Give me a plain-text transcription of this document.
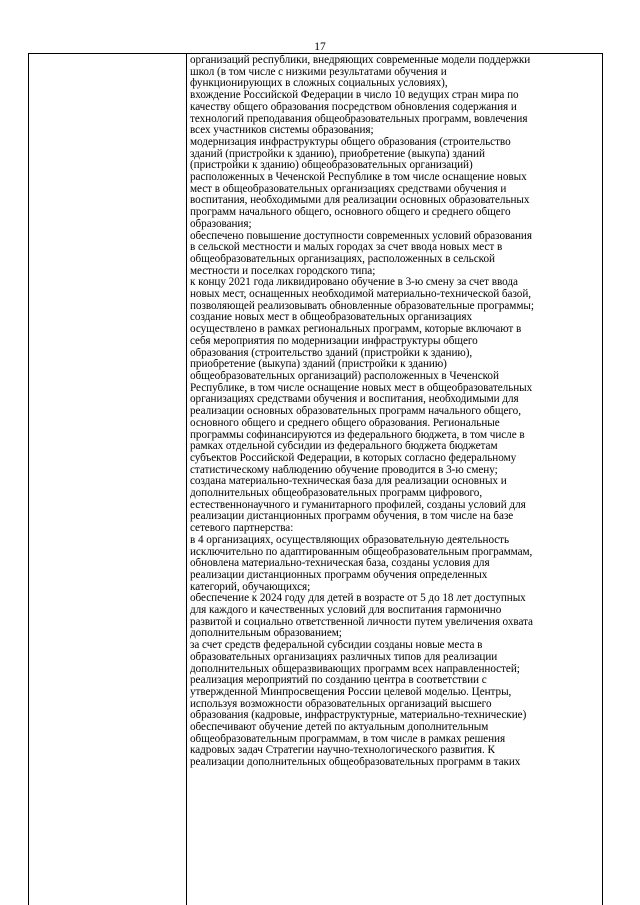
17
организаций республики, внедряющих современные модели поддержки
школ (в том числе с низкими результатами обучения и
функционирующих в сложных социальных условиях),
вхождение Российской Федерации в число 10 ведущих стран мира по
качеству общего образования посредством обновления содержания и
технологий преподавания общеобразовательных программ, вовлечения
всех участников системы образования;
модернизация инфраструктуры общего образования (строительство
зданий (пристройки к зданию), приобретение (выкупа) зданий
(пристройки к зданию) общеобразовательных организаций)
расположенных в Чеченской Республике в том числе оснащение новых
мест в общеобразовательных организациях средствами обучения и
воспитания, необходимыми для реализации основных образовательных
программ начального общего, основного общего и среднего общего
образования;
обеспечено повышение доступности современных условий образования
в сельской местности и малых городах за счет ввода новых мест в
общеобразовательных организациях, расположенных в сельской
местности и поселках городского типа;
к концу 2021 года ликвидировано обучение в 3-ю смену за счет ввода
новых мест, оснащенных необходимой материально-технической базой,
позволяющей реализовывать обновленные образовательные программы;
создание новых мест в общеобразовательных организациях
осуществлено в рамках региональных программ, которые включают в
себя мероприятия по модернизации инфраструктуры общего
образования (строительство зданий (пристройки к зданию),
приобретение (выкупа) зданий (пристройки к зданию)
общеобразовательных организаций) расположенных в Чеченской
Республике, в том числе оснащение новых мест в общеобразовательных
организациях средствами обучения и воспитания, необходимыми для
реализации основных образовательных программ начального общего,
основного общего и среднего общего образования. Региональные
программы софинансируются из федерального бюджета, в том числе в
рамках отдельной субсидии из федерального бюджета бюджетам
субъектов Российской Федерации, в которых согласно федеральному
статистическому наблюдению обучение проводится в 3-ю смену;
создана материально-техническая база для реализации основных и
дополнительных общеобразовательных программ цифрового,
естественнонаучного и гуманитарного профилей, созданы условий для
реализации дистанционных программ обучения, в том числе на базе
сетевого партнерства:
в 4 организациях, осуществляющих образовательную деятельность
исключительно по адаптированным общеобразовательным программам,
обновлена материально-техническая база, созданы условия для
реализации дистанционных программ обучения определенных
категорий, обучающихся;
обеспечение к 2024 году для детей в возрасте от 5 до 18 лет доступных
для каждого и качественных условий для воспитания гармонично
развитой и социально ответственной личности путем увеличения охвата
дополнительным образованием;
за счет средств федеральной субсидии созданы новые места в
образовательных организациях различных типов для реализации
дополнительных общеразвивающих программ всех направленностей;
реализация мероприятий по созданию центра в соответствии с
утвержденной Минпросвещения России целевой моделью. Центры,
используя возможности образовательных организаций высшего
образования (кадровые, инфраструктурные, материально-технические)
обеспечивают обучение детей по актуальным дополнительным
общеобразовательным программам, в том числе в рамках решения
кадровых задач Стратегии научно-технологического развития. К
реализации дополнительных общеобразовательных программ в таких
